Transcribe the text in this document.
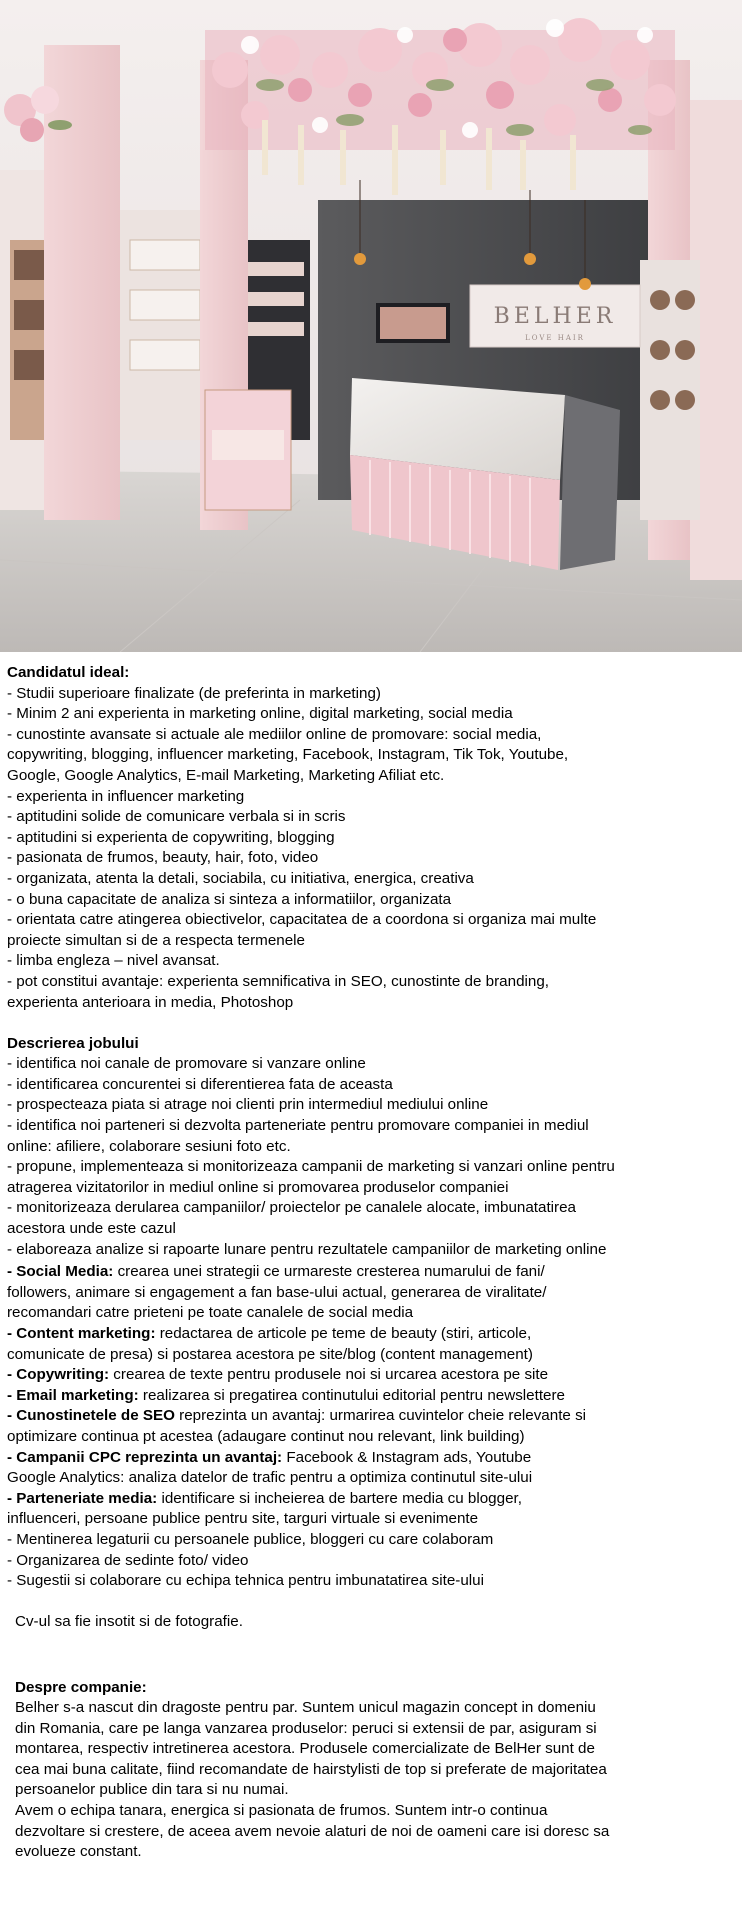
BELHER
LOVE HAIR
Candidatul ideal:
- Studii superioare finalizate (de preferinta in marketing)
- Minim 2 ani experienta in marketing online, digital marketing, social media
- cunostinte avansate si actuale ale mediilor online de promovare: social media,
copywriting, blogging, influencer marketing, Facebook, Instagram, Tik Tok, Youtube,
Google, Google Analytics, E-mail Marketing, Marketing Afiliat etc.
- experienta in influencer marketing
- aptitudini solide de comunicare verbala si in scris
- aptitudini si experienta de copywriting, blogging
- pasionata de frumos, beauty, hair, foto, video
- organizata, atenta la detali, sociabila, cu initiativa, energica, creativa
- o buna capacitate de analiza si sinteza a informatiilor, organizata
- orientata catre atingerea obiectivelor, capacitatea de a coordona si organiza mai multe
proiecte simultan si de a respecta termenele
- limba engleza – nivel avansat.
- pot constitui avantaje: experienta semnificativa in SEO, cunostinte de branding,
experienta anterioara in media, Photoshop
Descrierea jobului
- identifica noi canale de promovare si vanzare online
- identificarea concurentei si diferentierea fata de aceasta
- prospecteaza piata si atrage noi clienti prin intermediul mediului online
- identifica noi parteneri si dezvolta parteneriate pentru promovare companiei in mediul
online: afiliere, colaborare sesiuni foto etc.
- propune, implementeaza si monitorizeaza campanii de marketing si vanzari online pentru
atragerea vizitatorilor in mediul online si promovarea produselor companiei
- monitorizeaza derularea campaniilor/ proiectelor pe canalele alocate, imbunatatirea
acestora unde este cazul
- elaboreaza analize si rapoarte lunare pentru rezultatele campaniilor de marketing online
- Social Media: crearea unei strategii ce urmareste cresterea numarului de fani/
followers, animare si engagement a fan base-ului actual, generarea de viralitate/
recomandari catre prieteni pe toate canalele de social media
- Content marketing: redactarea de articole pe teme de beauty (stiri, articole,
comunicate de presa) si postarea acestora pe site/blog (content management)
- Copywriting: crearea de texte pentru produsele noi si urcarea acestora pe site
- Email marketing: realizarea si pregatirea continutului editorial pentru newslettere
- Cunostinetele de SEO reprezinta un avantaj: urmarirea cuvintelor cheie relevante si
optimizare continua pt acestea (adaugare continut nou relevant, link building)
- Campanii CPC reprezinta un avantaj: Facebook & Instagram ads, Youtube
Google Analytics: analiza datelor de trafic pentru a optimiza continutul site-ului
- Parteneriate media: identificare si incheierea de bartere media cu blogger,
influenceri, persoane publice pentru site, targuri virtuale si evenimente
- Mentinerea legaturii cu persoanele publice, bloggeri cu care colaboram
- Organizarea de sedinte foto/ video
- Sugestii si colaborare cu echipa tehnica pentru imbunatatirea site-ului
Cv-ul sa fie insotit si de fotografie.
Despre companie:
Belher s-a nascut din dragoste pentru par. Suntem unicul magazin concept in domeniu
din Romania, care pe langa vanzarea produselor: peruci si extensii de par, asiguram si
montarea, respectiv intretinerea acestora. Produsele comercializate de BelHer sunt de
cea mai buna calitate, fiind recomandate de hairstylisti de top si preferate de majoritatea
persoanelor publice din tara si nu numai.
Avem o echipa tanara, energica si pasionata de frumos. Suntem intr-o continua
dezvoltare si crestere, de aceea avem nevoie alaturi de noi de oameni care isi doresc sa
evolueze constant.
